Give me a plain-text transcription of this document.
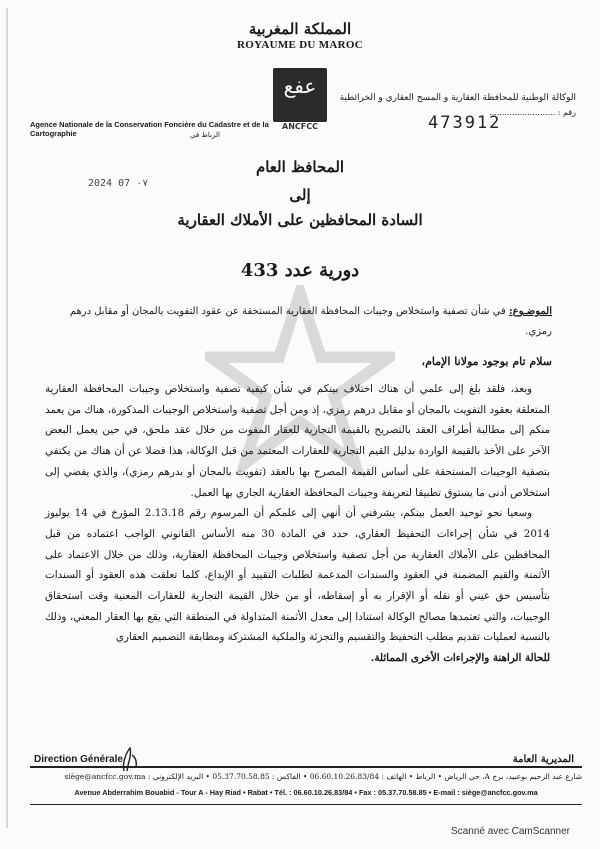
المملكة المغربية
ROYAUME DU MAROC
عفع
ANCFCC
الوكالة الوطنية للمحافظة العقارية و المسح العقاري و الخرائطية
رقم : ..........................
473912
Agence Nationale de la Conservation Foncière du Cadastre et de la Cartographie	الرباط في
2024 07 ٠٧
المحافظ العام
إلى
السادة المحافظين على الأملاك العقارية
دورية عدد 433
الموضـوع: في شأن تصفية واستخلاص وجيبات المحافظة العقارية المستحقة عن عقود التفويت بالمجان أو مقابل درهم رمزي.
سلام تام بوجود مولانا الإمام،

وبعد، فلقد بلغ إلى علمي أن هناك اختلاف بينكم في شأن كيفية تصفية واستخلاص وجيبات المحافظة العقارية المتعلقة بعقود التفويت بالمجان أو مقابل درهم رمزي، إذ ومن أجل تصفية واستخلاص الوجيبات المذكورة، هناك من يعمد منكم إلى مطالبة أطراف العقد بالتصريح بالقيمة التجارية للعقار المفوت من خلال عقد ملحق، في حين يعمل البعض الآخر على الأخذ بالقيمة الواردة بدليل القيم التجارية للعقارات المعتمد من قبل الوكالة، هذا فضلا عن أن هناك من يكتفي بتصفية الوجيبات المستحقة على أساس القيمة المصرح بها بالعقد (تفويت بالمجان أو بدرهم رمزي)، والذي يفضي إلى استخلاص أدنى ما يستوق تطبيقا لتعريفة وجيبات المحافظة العقارية الجاري بها العمل.

وسعيا نحو توحيد العمل بينكم، يشرفني أن أنهي إلى علمكم أن المرسوم رقم 2.13.18 المؤرخ في 14 يوليوز 2014 في شأن إجراءات التحفيظ العقاري، حدد في المادة 30 منه الأساس القانوني الواجب اعتماده من قبل المحافظين على الأملاك العقارية من أجل تصفية واستخلاص وجيبات المحافظة العقارية، وذلك من خلال الاعتماد على الأثمنة والقيم المضمنة في العقود والسندات المدعمة لطلبات التقييد أو الإيداع، كلما تعلقت هذه العقود أو السندات بتأسيس حق عيني أو نقله أو الإقرار به أو إسقاطه، أو من خلال القيمة التجارية للعقارات المعنية وقت استحقاق الوجيبات، والتي تعتمدها مصالح الوكالة استنادا إلى معدل الأثمنة المتداولة في المنطقة التي يقع بها العقار المعني، وذلك بالنسبة لعمليات تقديم مطلب التحفيظ والتقسيم والتجزئة والملكية المشتركة ومطابقة التصميم العقاري

للحالة الراهنة والإجراءات الأخرى المماثلة.
Direction Générale	المديرية العامة
شارع عبد الرحيم بوعبيد، برج A، حي الرياض • الرباط • الهاتف : 06.60.10.26.83/84 • الفاكس : 05.37.70.58.85 • البريد الإلكتروني : siège@ancfcc.gov.ma
Avenue Abderrahim Bouabid - Tour A - Hay Riad • Rabat • Tél. : 06.60.10.26.83/84 • Fax : 05.37.70.58.85 • E-mail : siège@ancfcc.gov.ma
Scanné avec CamScanner
